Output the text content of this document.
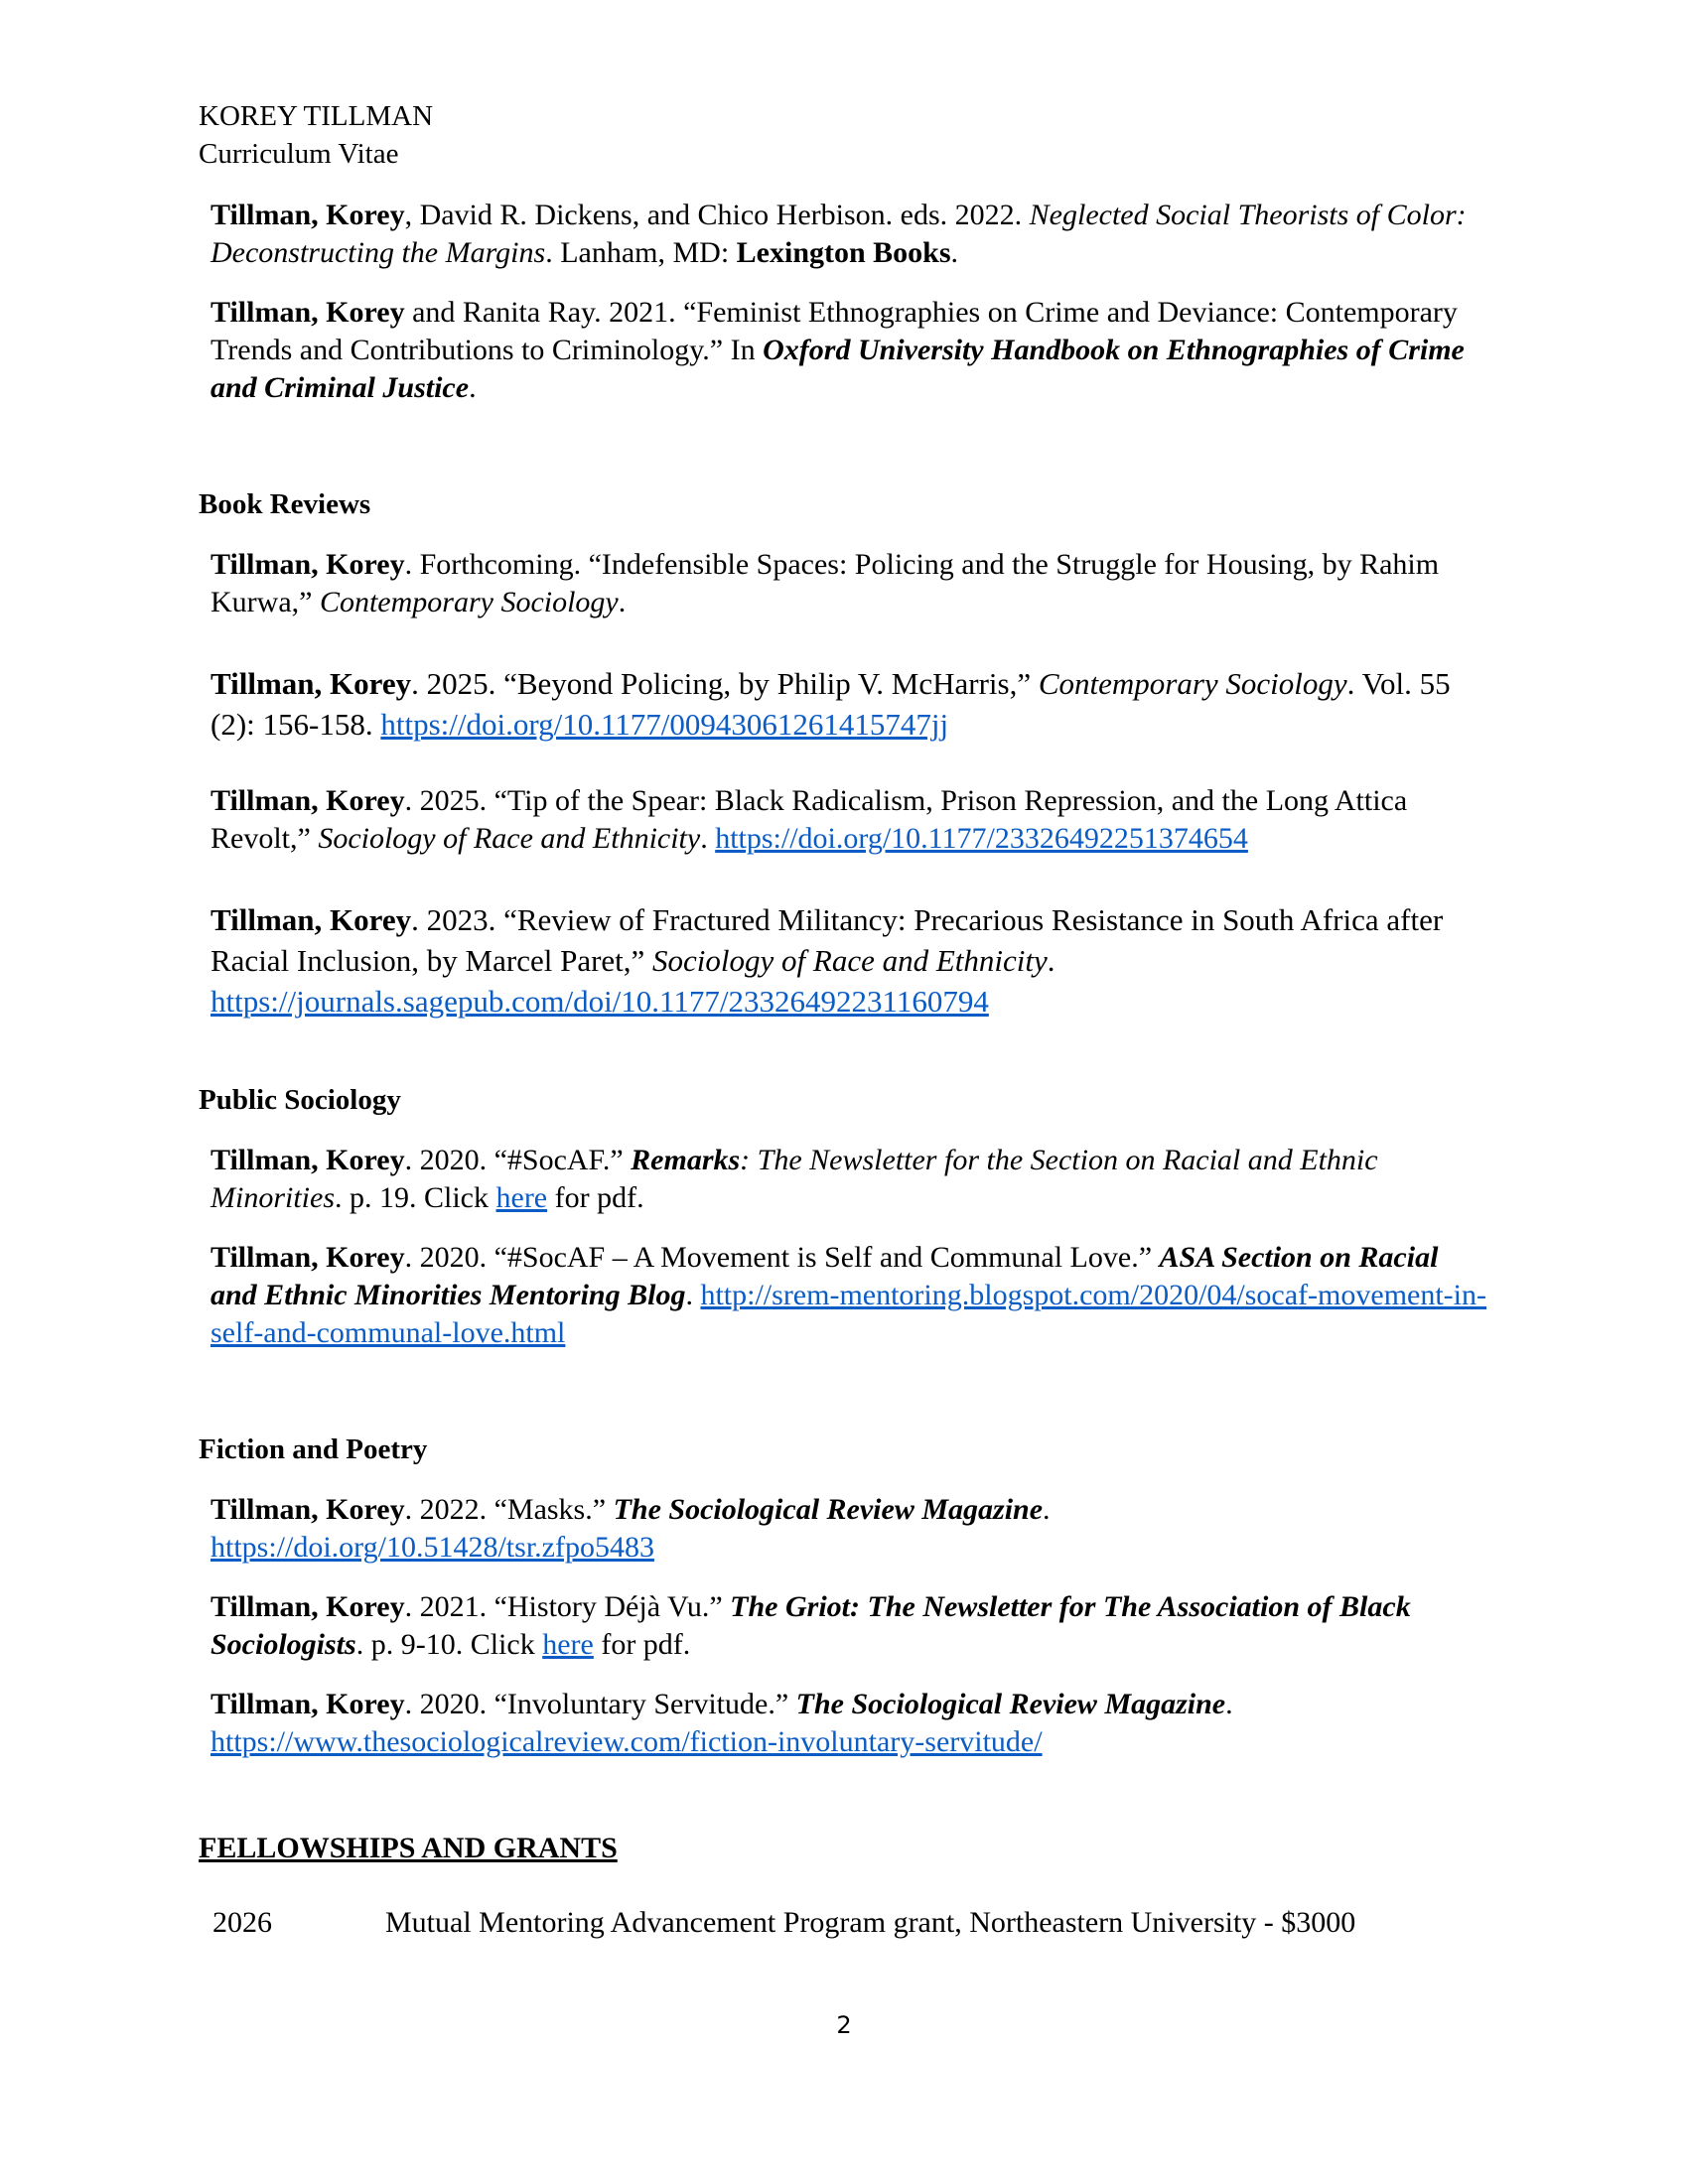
KOREY TILLMAN
Curriculum Vitae
Tillman, Korey, David R. Dickens, and Chico Herbison. eds. 2022. Neglected Social Theorists of Color: Deconstructing the Margins. Lanham, MD: Lexington Books.
Tillman, Korey and Ranita Ray. 2021. “Feminist Ethnographies on Crime and Deviance: Contemporary Trends and Contributions to Criminology.” In Oxford University Handbook on Ethnographies of Crime and Criminal Justice.
Book Reviews
Tillman, Korey. Forthcoming. “Indefensible Spaces: Policing and the Struggle for Housing, by Rahim Kurwa,” Contemporary Sociology.
Tillman, Korey. 2025. “Beyond Policing, by Philip V. McHarris,” Contemporary Sociology. Vol. 55 (2): 156-158. https://doi.org/10.1177/00943061261415747jj
Tillman, Korey. 2025. “Tip of the Spear: Black Radicalism, Prison Repression, and the Long Attica Revolt,” Sociology of Race and Ethnicity. https://doi.org/10.1177/23326492251374654
Tillman, Korey. 2023. “Review of Fractured Militancy: Precarious Resistance in South Africa after Racial Inclusion, by Marcel Paret,” Sociology of Race and Ethnicity. https://journals.sagepub.com/doi/10.1177/23326492231160794
Public Sociology
Tillman, Korey. 2020. “#SocAF.” Remarks: The Newsletter for the Section on Racial and Ethnic Minorities. p. 19. Click here for pdf.
Tillman, Korey. 2020. “#SocAF – A Movement is Self and Communal Love.” ASA Section on Racial and Ethnic Minorities Mentoring Blog. http://srem-mentoring.blogspot.com/2020/04/socaf-movement-in-self-and-communal-love.html
Fiction and Poetry
Tillman, Korey. 2022. “Masks.” The Sociological Review Magazine. https://doi.org/10.51428/tsr.zfpo5483
Tillman, Korey. 2021. “History Déjà Vu.” The Griot: The Newsletter for The Association of Black Sociologists. p. 9-10. Click here for pdf.
Tillman, Korey. 2020. “Involuntary Servitude.” The Sociological Review Magazine. https://www.thesociologicalreview.com/fiction-involuntary-servitude/
FELLOWSHIPS AND GRANTS
2026	Mutual Mentoring Advancement Program grant, Northeastern University - $3000
2
